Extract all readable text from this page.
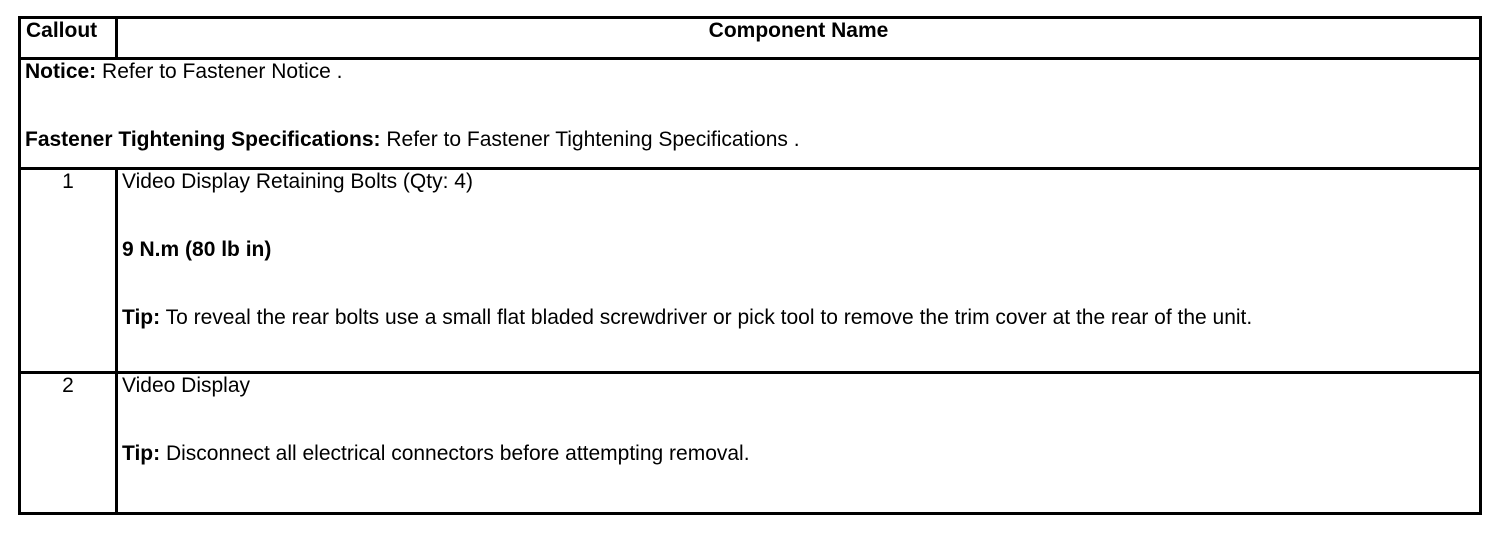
Callout	Component Name

Notice: Refer to Fastener Notice .

Fastener Tightening Specifications: Refer to Fastener Tightening Specifications .	

1	Video Display Retaining Bolts (Qty: 4)

9 N.m (80 lb in)

Tip: To reveal the rear bolts use a small flat bladed screwdriver or pick tool to remove the trim cover at the rear of the unit.

2	Video Display

Tip: Disconnect all electrical connectors before attempting removal.
